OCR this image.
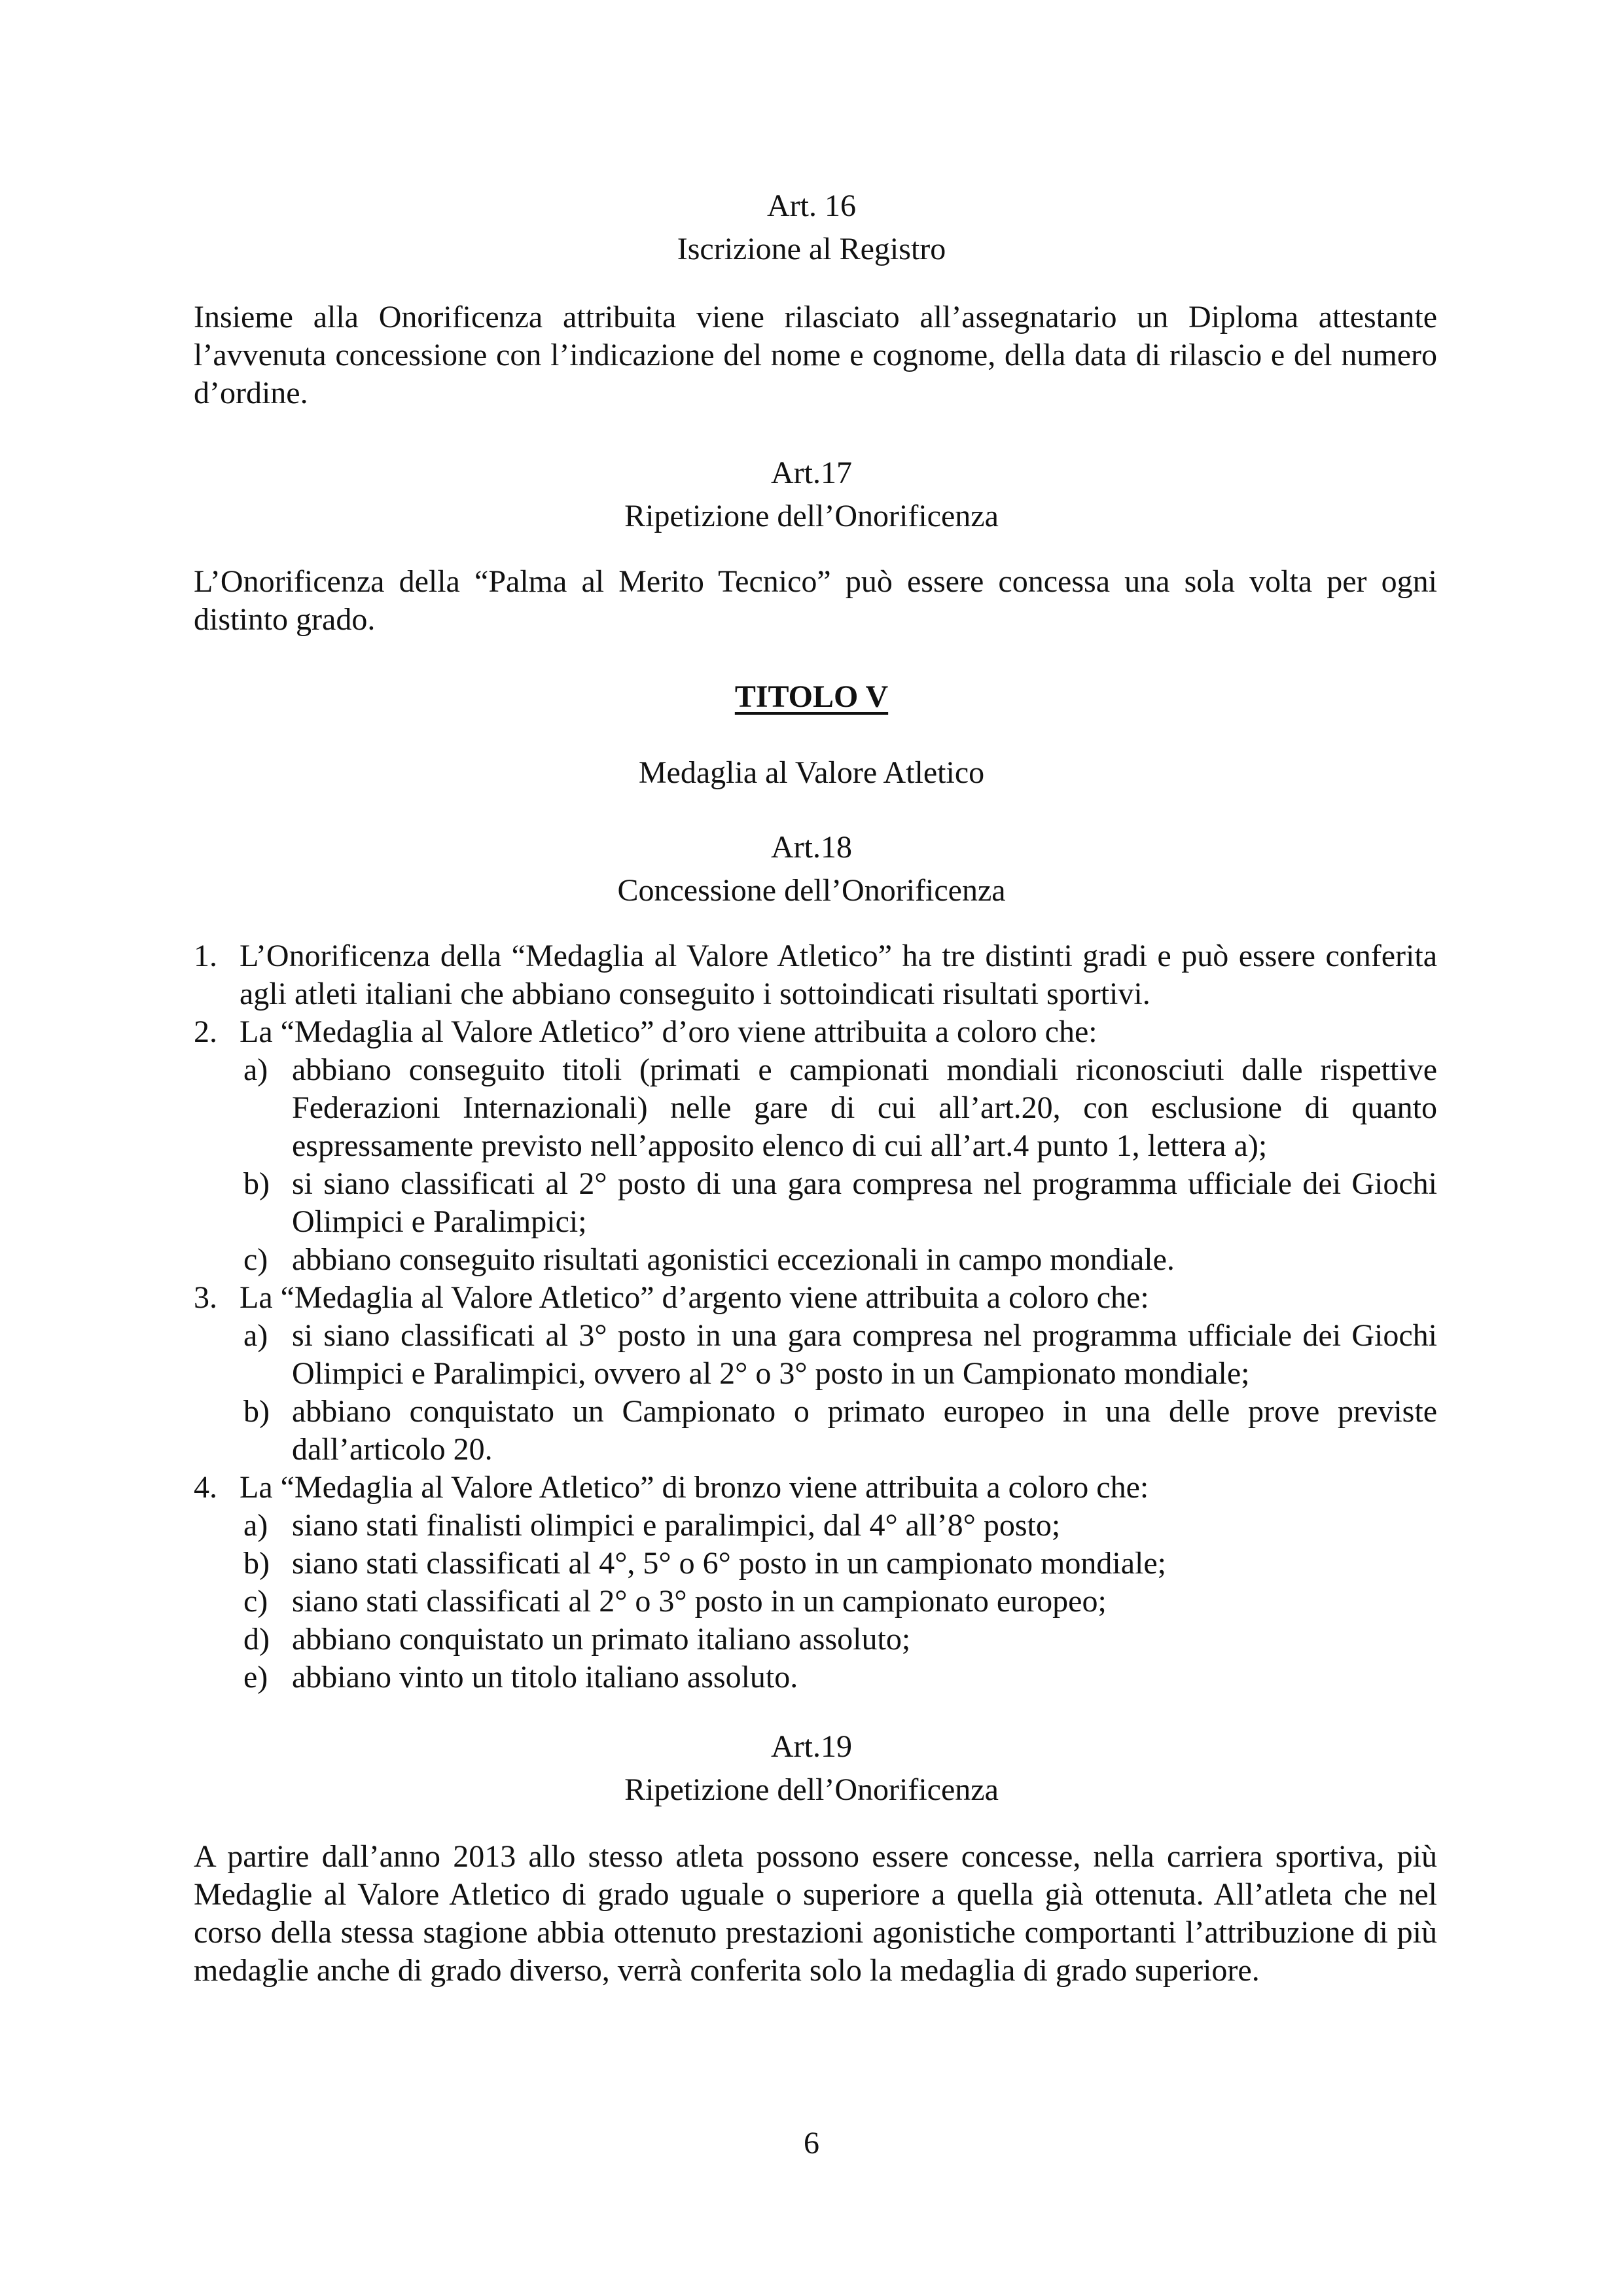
Art. 16
Iscrizione al Registro
Insieme alla Onorificenza attribuita viene rilasciato all’assegnatario un Diploma attestante l’avvenuta concessione con l’indicazione del nome e cognome, della data di rilascio e del numero d’ordine.
Art.17
Ripetizione dell’Onorificenza
L’Onorificenza della “Palma al Merito Tecnico” può essere concessa una sola volta per ogni distinto grado.
TITOLO V
Medaglia al Valore Atletico
Art.18
Concessione dell’Onorificenza
1. L’Onorificenza della “Medaglia al Valore Atletico” ha tre distinti gradi e può essere conferita agli atleti italiani che abbiano conseguito i sottoindicati risultati sportivi.
2. La “Medaglia al Valore Atletico” d’oro viene attribuita a coloro che:
a) abbiano conseguito titoli (primati e campionati mondiali riconosciuti dalle rispettive Federazioni Internazionali) nelle gare di cui all’art.20, con esclusione di quanto espressamente previsto nell’apposito elenco di cui all’art.4 punto 1, lettera a);
b) si siano classificati al 2° posto di una gara compresa nel programma ufficiale dei Giochi Olimpici e Paralimpici;
c) abbiano conseguito risultati agonistici eccezionali in campo mondiale.
3. La “Medaglia al Valore Atletico” d’argento viene attribuita a coloro che:
a) si siano classificati al 3° posto in una gara compresa nel programma ufficiale dei Giochi Olimpici e Paralimpici, ovvero al 2° o 3° posto in un Campionato mondiale;
b) abbiano conquistato un Campionato o primato europeo in una delle prove previste dall’articolo 20.
4. La “Medaglia al Valore Atletico” di bronzo viene attribuita a coloro che:
a) siano stati finalisti olimpici e paralimpici, dal 4° all’8° posto;
b) siano stati classificati al 4°, 5° o 6° posto in un campionato mondiale;
c) siano stati classificati al 2° o 3° posto in un campionato europeo;
d) abbiano conquistato un primato italiano assoluto;
e) abbiano vinto un titolo italiano assoluto.
Art.19
Ripetizione dell’Onorificenza
A partire dall’anno 2013 allo stesso atleta possono essere concesse, nella carriera sportiva, più Medaglie al Valore Atletico di grado uguale o superiore a quella già ottenuta. All’atleta che nel corso della stessa stagione abbia ottenuto prestazioni agonistiche comportanti l’attribuzione di più medaglie anche di grado diverso, verrà conferita solo la medaglia di grado superiore.
6
